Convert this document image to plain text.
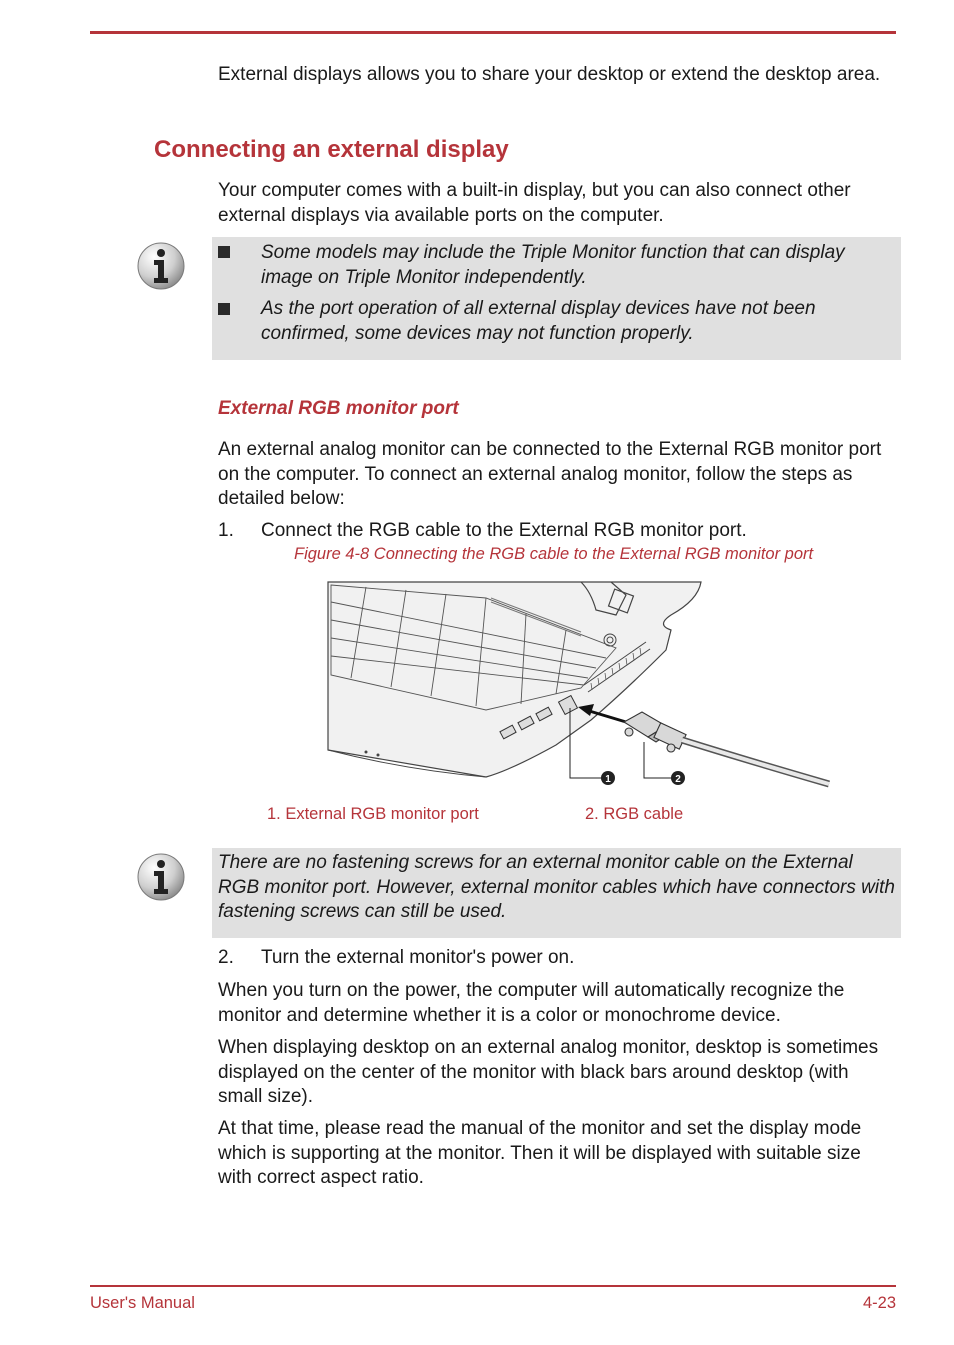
External displays allows you to share your desktop or extend the desktop area.

Connecting an external display

Your computer comes with a built-in display, but you can also connect other external displays via available ports on the computer.

Some models may include the Triple Monitor function that can display image on Triple Monitor independently.

As the port operation of all external display devices have not been confirmed, some devices may not function properly.

External RGB monitor port

An external analog monitor can be connected to the External RGB monitor port on the computer. To connect an external analog monitor, follow the steps as detailed below:

1. Connect the RGB cable to the External RGB monitor port.
Figure 4-8 Connecting the RGB cable to the External RGB monitor port
1	2
1. External RGB monitor port	2. RGB cable

There are no fastening screws for an external monitor cable on the External RGB monitor port. However, external monitor cables which have connectors with fastening screws can still be used.

2. Turn the external monitor's power on.

When you turn on the power, the computer will automatically recognize the monitor and determine whether it is a color or monochrome device.

When displaying desktop on an external analog monitor, desktop is sometimes displayed on the center of the monitor with black bars around desktop (with small size).

At that time, please read the manual of the monitor and set the display mode which is supporting at the monitor. Then it will be displayed with suitable size with correct aspect ratio.

User's Manual	4-23
